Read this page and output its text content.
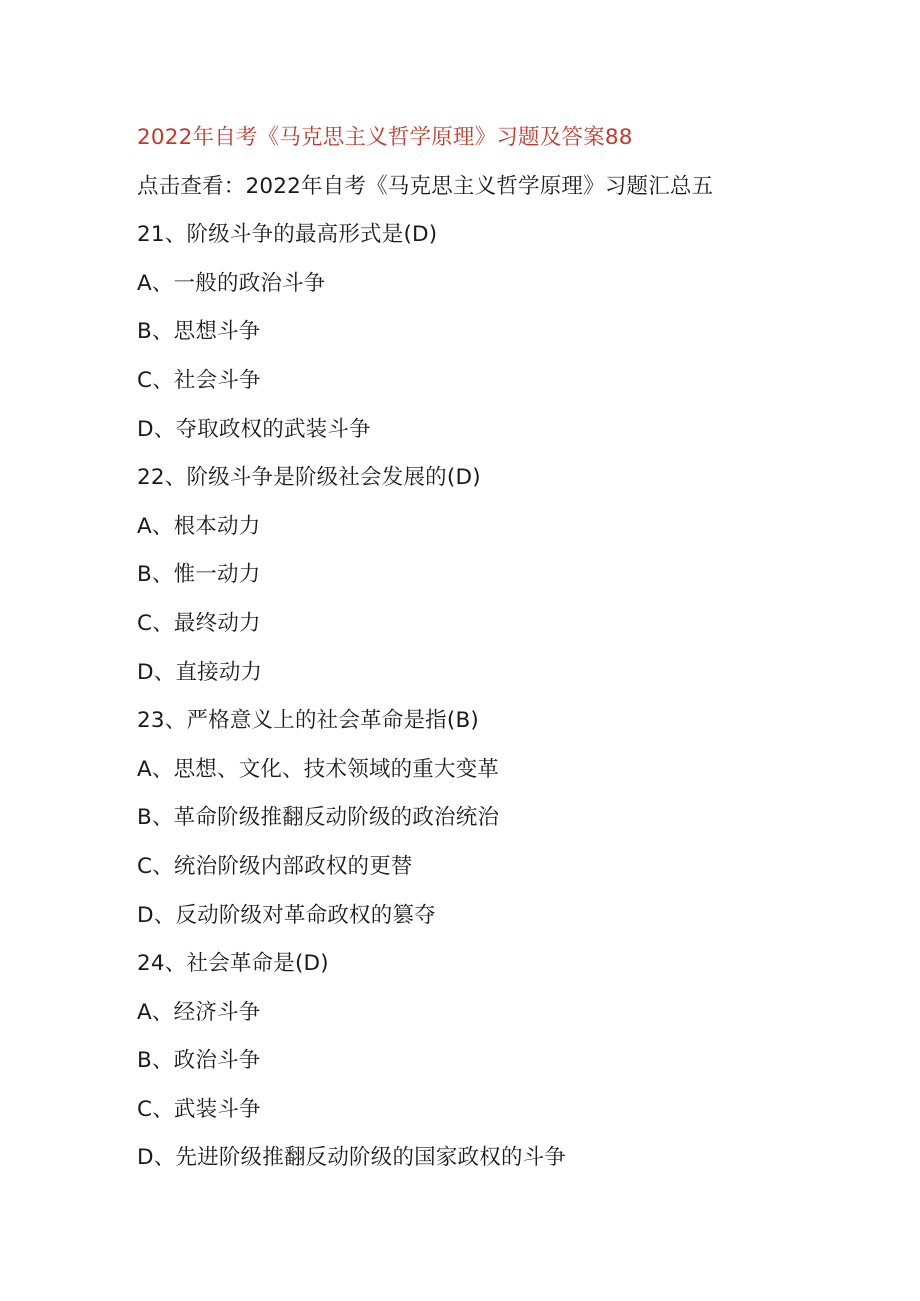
2022年自考《马克思主义哲学原理》习题及答案88
点击查看：2022年自考《马克思主义哲学原理》习题汇总五
21、阶级斗争的最高形式是(D)
A、一般的政治斗争
B、思想斗争
C、社会斗争
D、夺取政权的武装斗争
22、阶级斗争是阶级社会发展的(D)
A、根本动力
B、惟一动力
C、最终动力
D、直接动力
23、严格意义上的社会革命是指(B)
A、思想、文化、技术领域的重大变革
B、革命阶级推翻反动阶级的政治统治
C、统治阶级内部政权的更替
D、反动阶级对革命政权的篡夺
24、社会革命是(D)
A、经济斗争
B、政治斗争
C、武装斗争
D、先进阶级推翻反动阶级的国家政权的斗争
